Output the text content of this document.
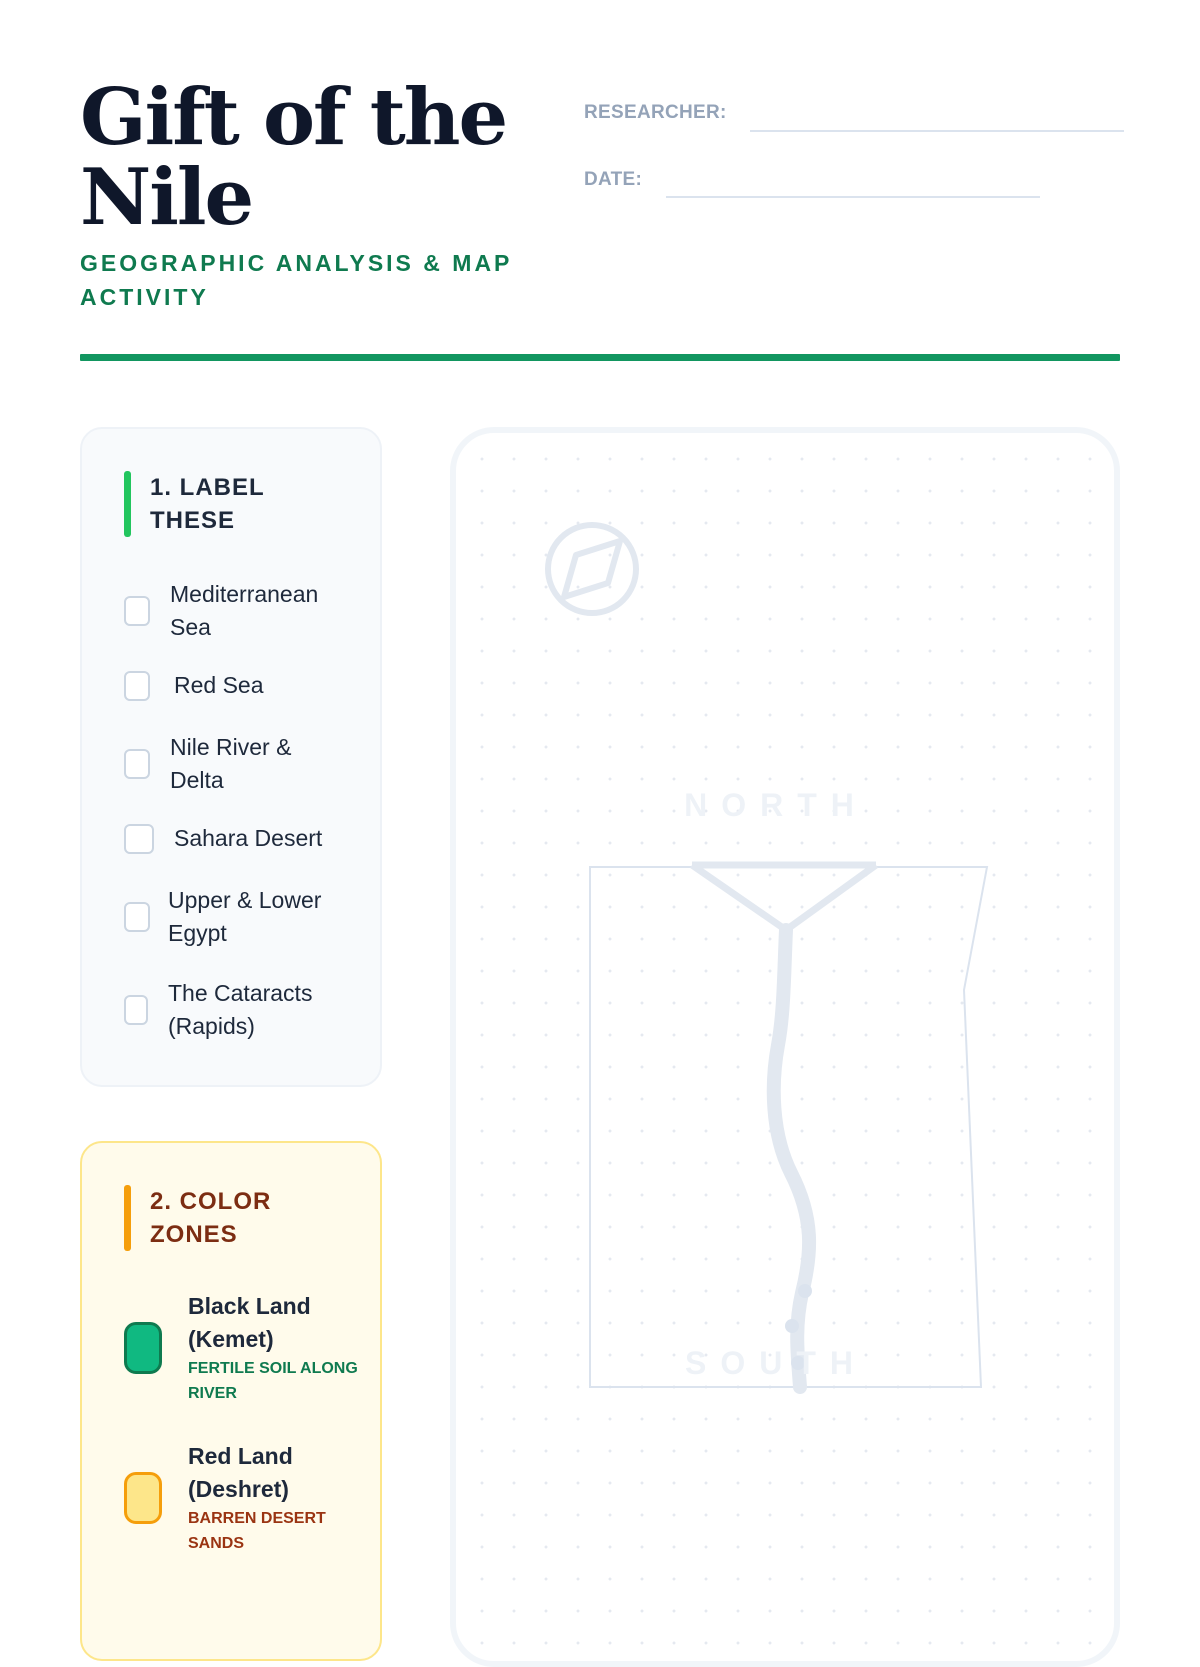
Gift of the Nile
GEOGRAPHIC ANALYSIS & MAP ACTIVITY
RESEARCHER:
DATE:
1. LABEL THESE
Mediterranean Sea
Red Sea
Nile River & Delta
Sahara Desert
Upper & Lower Egypt
The Cataracts (Rapids)
2. COLOR ZONES
Black Land (Kemet)
FERTILE SOIL ALONG RIVER
Red Land (Deshret)
BARREN DESERT SANDS
NORTH
SOUTH
